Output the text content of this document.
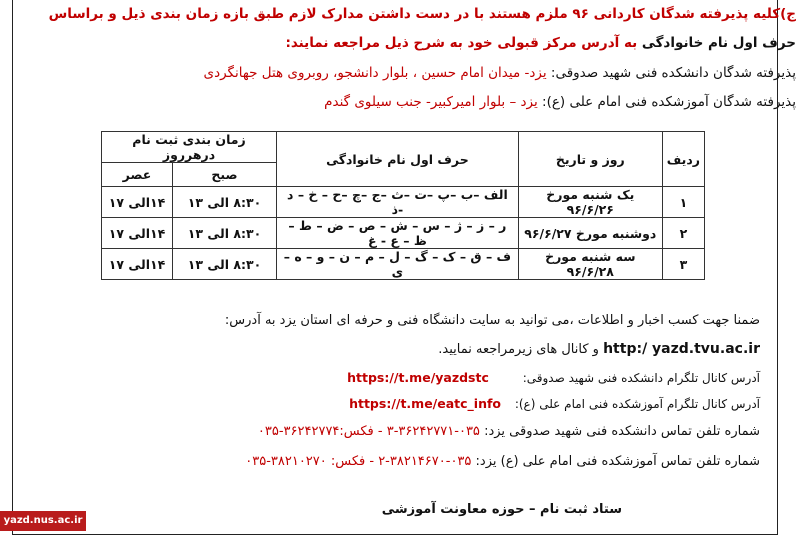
ج)کلیه پذیرفته شدگان کاردانی ۹۶ ملزم هستند با در دست داشتن مدارک لازم طبق بازه زمان بندی ذیل و براساس
حرف اول نام خانوادگی به آدرس مرکز قبولی خود به شرح ذیل مراجعه نمایند:
پذیرفته شدگان دانشکده فنی شهید صدوقی: یزد- میدان امام حسین ، بلوار دانشجو، روبروی هتل جهانگردی
پذیرفته شدگان آموزشکده فنی امام علی (ع): یزد – بلوار امیرکبیر- جنب سیلوی گندم
ردیف	روز و تاریخ	حرف اول نام خانوادگی	زمان بندی ثبت نام درهرروز	
			صبح	عصر
۱	یک شنبه مورخ ۹۶/۶/۲۶	الف –ب –پ –ت –ث –ج –چ –ح – خ – د -ذ	۸:۳۰ الی ۱۳	۱۴الی ۱۷
۲	دوشنبه مورخ ۹۶/۶/۲۷	ر – ز – ژ – س – ش – ص – ض – ط – ظ – ع - غ	۸:۳۰ الی ۱۳	۱۴الی ۱۷
۳	سه شنبه مورخ ۹۶/۶/۲۸	ف – ق – ک – گ – ل – م – ن – و – ه – ی	۸:۳۰ الی ۱۳	۱۴الی ۱۷
ضمنا جهت کسب اخبار و اطلاعات ،می توانید به سایت دانشگاه فنی و حرفه ای استان یزد به آدرس:
http:/ yazd.tvu.ac.ir و کانال های زیرمراجعه نمایید.
آدرس کانال تلگرام دانشکده فنی شهید صدوقی: https://t.me/yazdstc
آدرس کانال تلگرام آموزشکده فنی امام علی (ع): https://t.me/eatc_info
شماره تلفن تماس دانشکده فنی شهید صدوقی یزد: ۰۳۵-۳۶۲۴۲۷۷۱-۳ - فکس:۳۶۲۴۲۷۷۴-۰۳۵
شماره تلفن تماس آموزشکده فنی امام علی (ع) یزد: ۰۳۵-۳۸۲۱۴۶۷۰-۲ - فکس: ۳۸۲۱۰۲۷۰-۰۳۵
ستاد ثبت نام – حوزه معاونت آموزشی
yazd.nus.ac.ir
